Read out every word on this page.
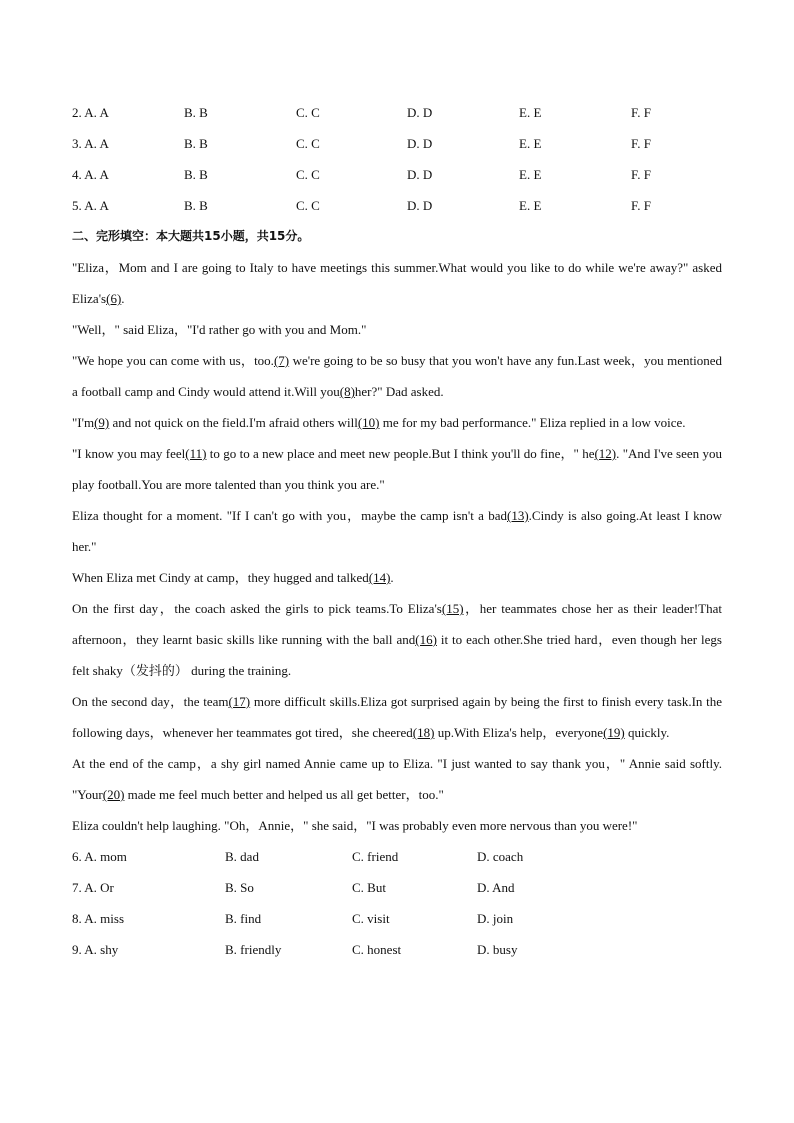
2. A. A	B. B	C. C	D. D	E. E	F. F
3. A. A	B. B	C. C	D. D	E. E	F. F
4. A. A	B. B	C. C	D. D	E. E	F. F
5. A. A	B. B	C. C	D. D	E. E	F. F
二、完形填空：本大题共15小题，共15分。

"Eliza，Mom and I are going to Italy to have meetings this summer.What would you like to do while we're away?" asked Eliza's(6).

"Well，" said Eliza，"I'd rather go with you and Mom."

"We hope you can come with us，too.(7) we're going to be so busy that you won't have any fun.Last week，you mentioned a football camp and Cindy would attend it.Will you(8)her?" Dad asked.

"I'm(9) and not quick on the field.I'm afraid others will(10) me for my bad performance." Eliza replied in a low voice.

"I know you may feel(11) to go to a new place and meet new people.But I think you'll do fine，" he(12). "And I've seen you play football.You are more talented than you think you are."

Eliza thought for a moment. "If I can't go with you，maybe the camp isn't a bad(13).Cindy is also going.At least I know her."

When Eliza met Cindy at camp，they hugged and talked(14).

On the first day，the coach asked the girls to pick teams.To Eliza's(15)，her teammates chose her as their leader!That afternoon，they learnt basic skills like running with the ball and(16) it to each other.She tried hard，even though her legs felt shaky（发抖的） during the training.

On the second day，the team(17) more difficult skills.Eliza got surprised again by being the first to finish every task.In the following days，whenever her teammates got tired，she cheered(18) up.With Eliza's help，everyone(19) quickly.

At the end of the camp，a shy girl named Annie came up to Eliza. "I just wanted to say thank you，" Annie said softly. "Your(20) made me feel much better and helped us all get better，too."

Eliza couldn't help laughing. "Oh，Annie，" she said，"I was probably even more nervous than you were!"

6. A. mom	B. dad	C. friend	D. coach
7. A. Or	B. So	C. But	D. And
8. A. miss	B. find	C. visit	D. join
9. A. shy	B. friendly	C. honest	D. busy
